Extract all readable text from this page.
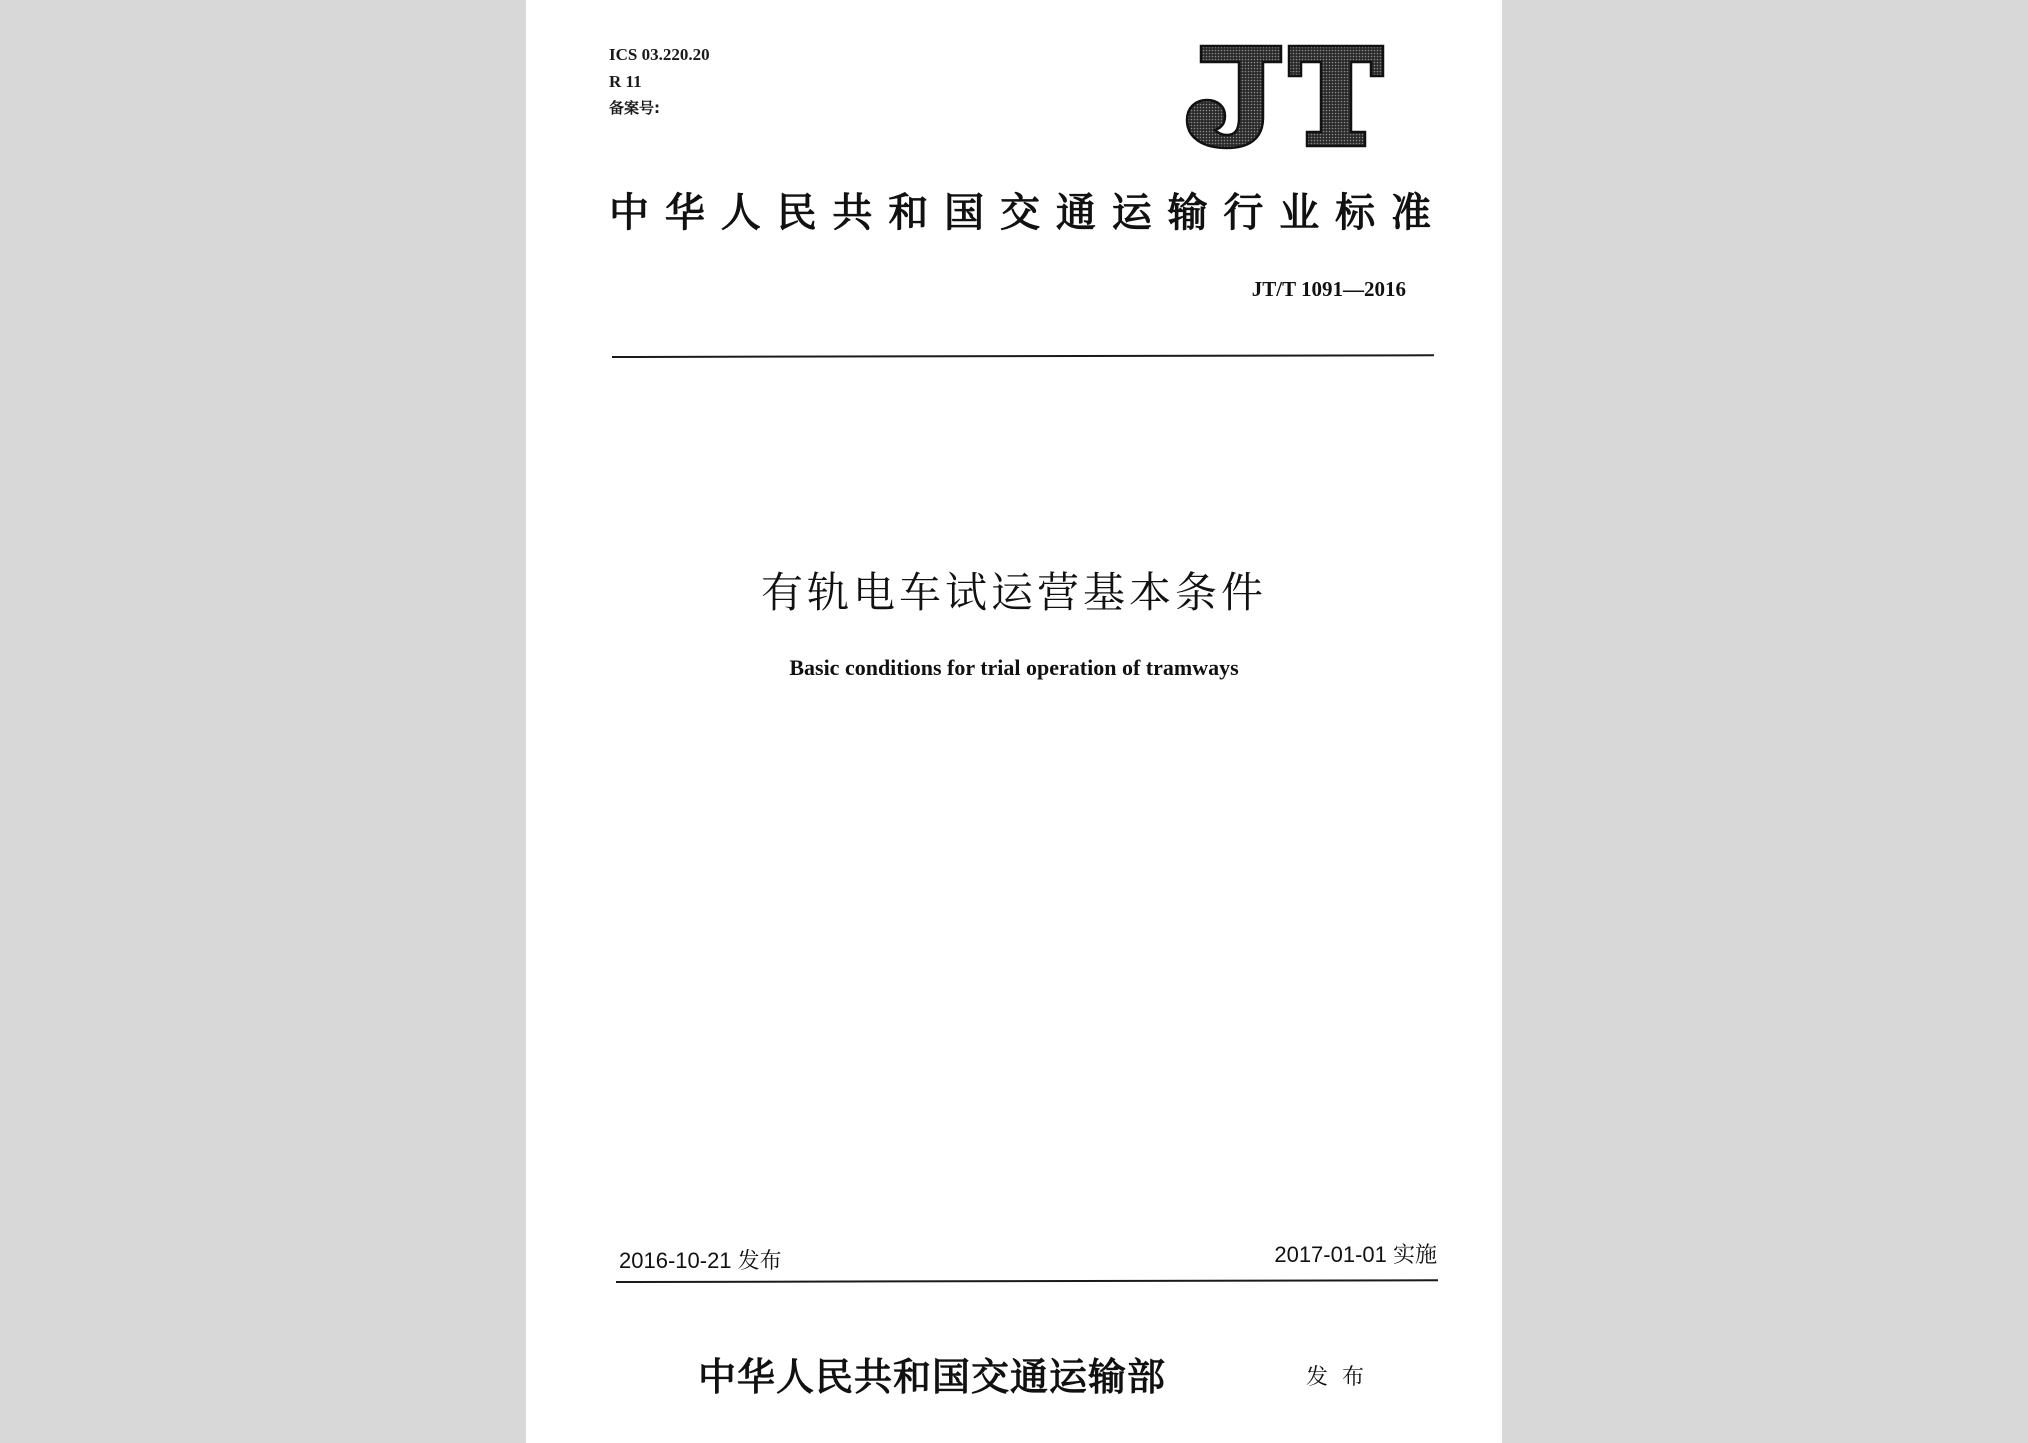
ICS 03.220.20
R 11
备案号:
中华人民共和国交通运输行业标准
JT/T 1091—2016
有轨电车试运营基本条件
Basic conditions for trial operation of tramways
2016-10-21 发布	2017-01-01 实施
中华人民共和国交通运输部	发布
